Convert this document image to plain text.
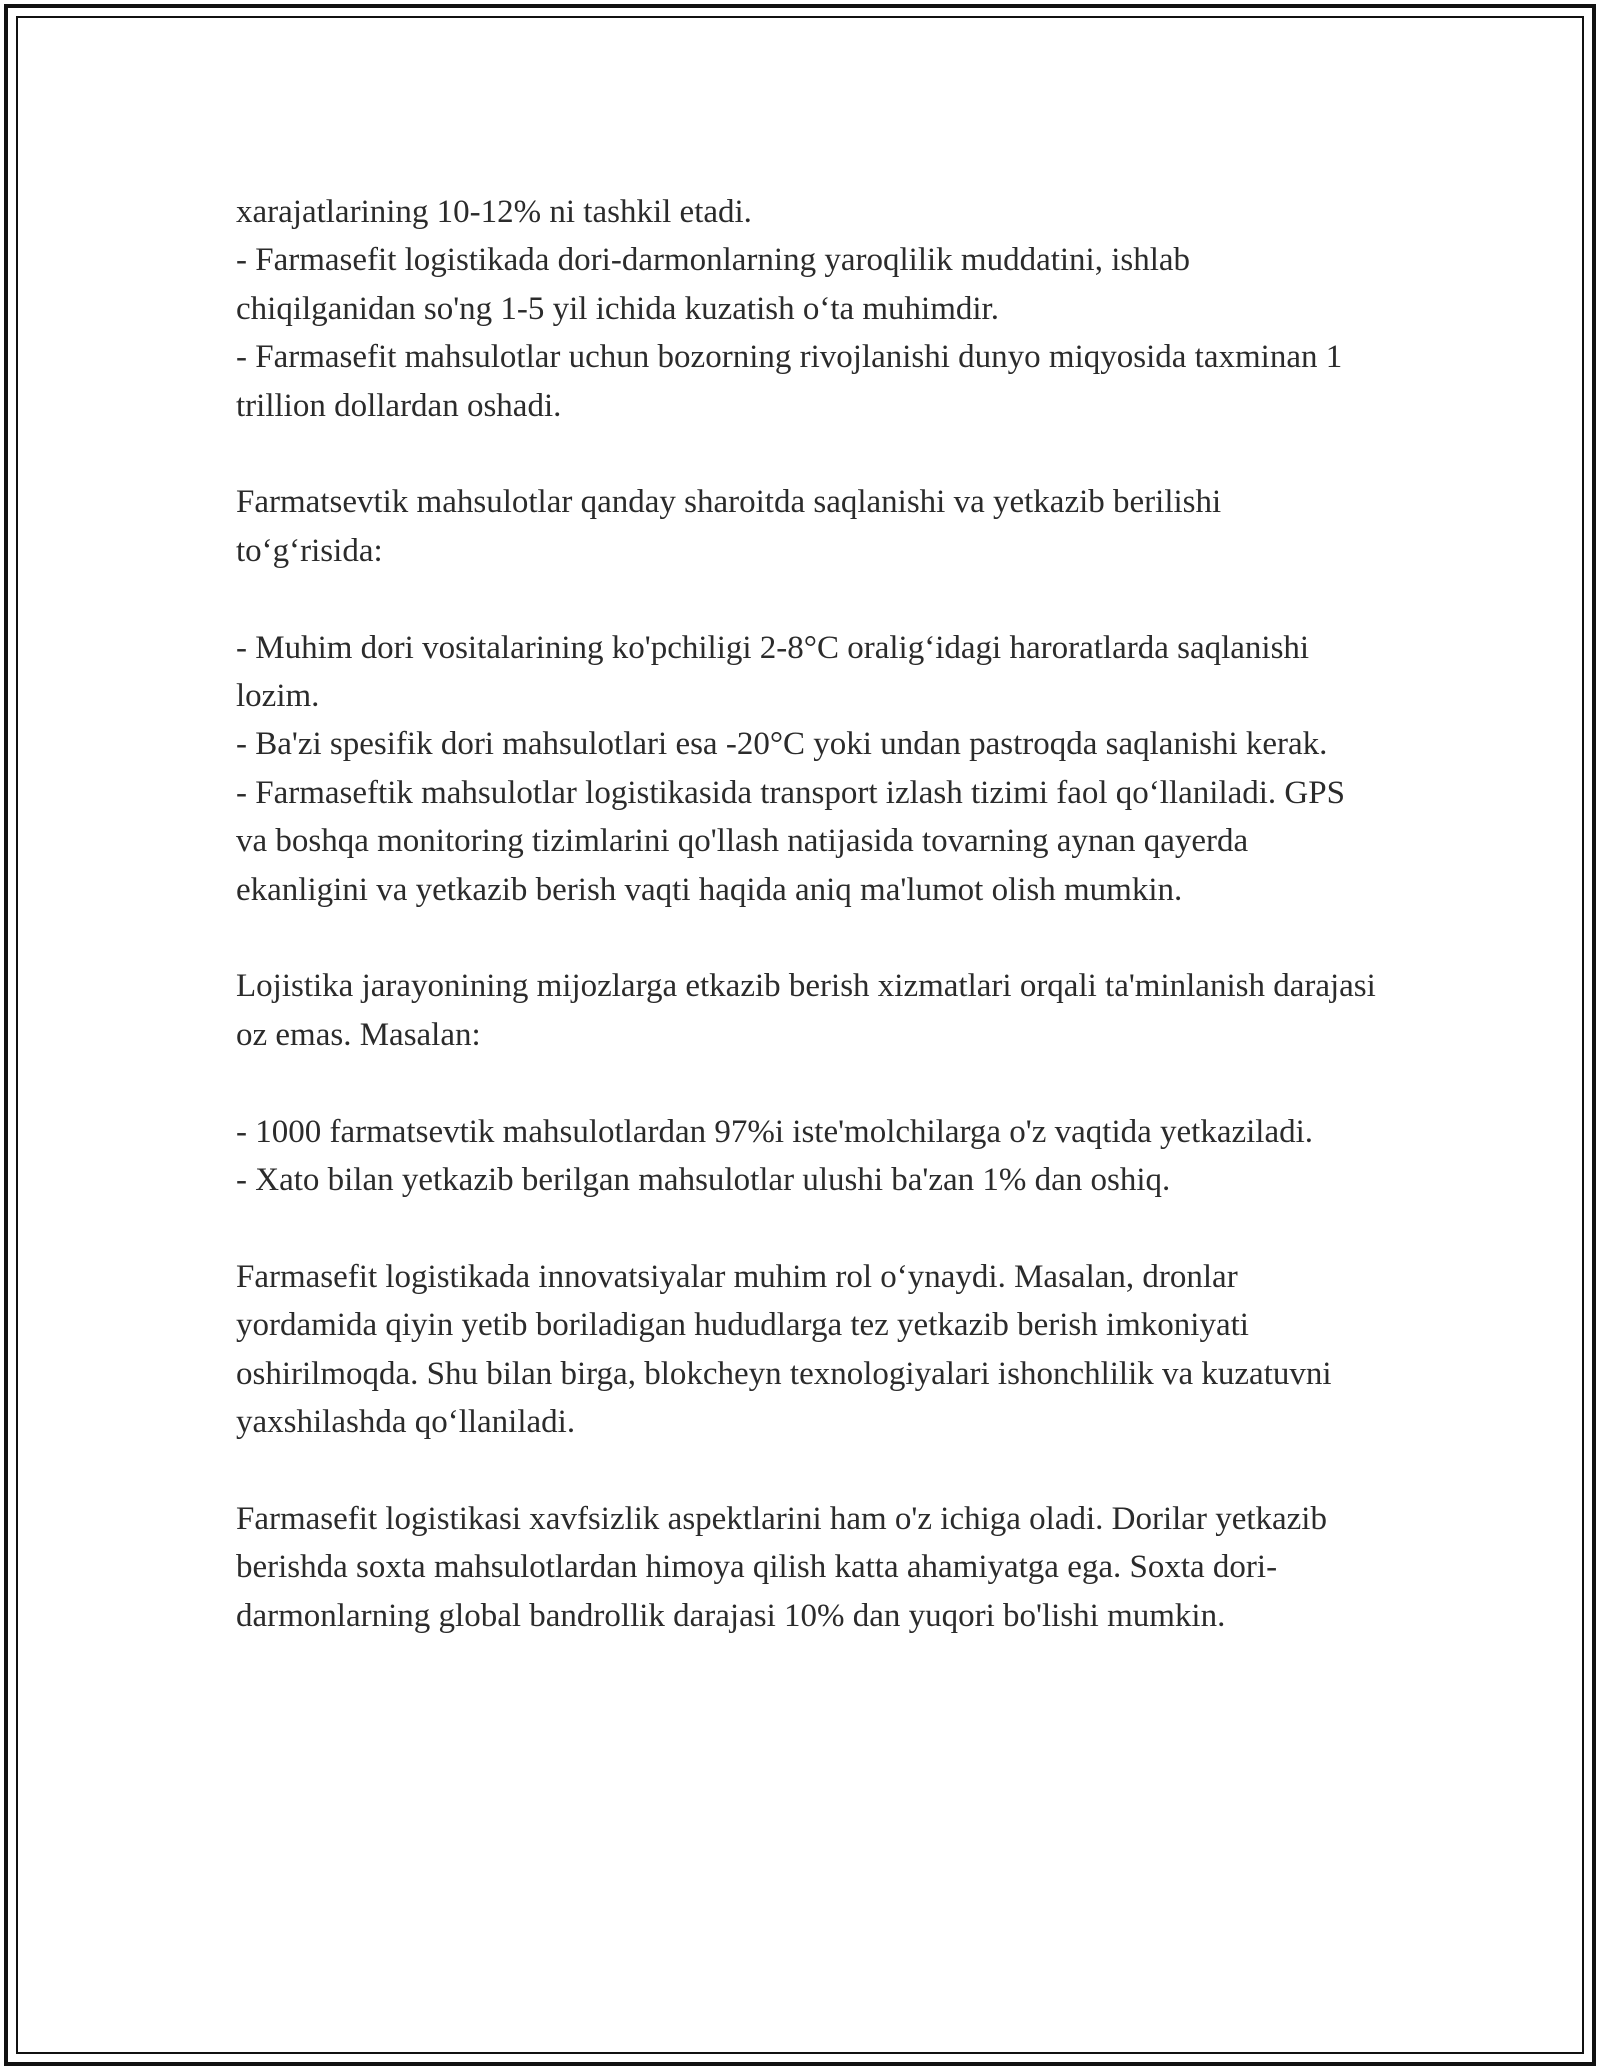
xarajatlarining 10-12% ni tashkil etadi.

- Farmasefit logistikada dori-darmonlarning yaroqlilik muddatini, ishlab chiqilganidan so'ng 1-5 yil ichida kuzatish o‘ta muhimdir.

- Farmasefit mahsulotlar uchun bozorning rivojlanishi dunyo miqyosida taxminan 1 trillion dollardan oshadi.

Farmatsevtik mahsulotlar qanday sharoitda saqlanishi va yetkazib berilishi to‘g‘risida:

- Muhim dori vositalarining ko'pchiligi 2-8°C oralig‘idagi haroratlarda saqlanishi lozim.

- Ba'zi spesifik dori mahsulotlari esa -20°C yoki undan pastroqda saqlanishi kerak.

- Farmaseftik mahsulotlar logistikasida transport izlash tizimi faol qo‘llaniladi. GPS va boshqa monitoring tizimlarini qo'llash natijasida tovarning aynan qayerda ekanligini va yetkazib berish vaqti haqida aniq ma'lumot olish mumkin.

Lojistika jarayonining mijozlarga etkazib berish xizmatlari orqali ta'minlanish darajasi oz emas. Masalan:

- 1000 farmatsevtik mahsulotlardan 97%i iste'molchilarga o'z vaqtida yetkaziladi.

- Xato bilan yetkazib berilgan mahsulotlar ulushi ba'zan 1% dan oshiq.

Farmasefit logistikada innovatsiyalar muhim rol o‘ynaydi. Masalan, dronlar yordamida qiyin yetib boriladigan hududlarga tez yetkazib berish imkoniyati oshirilmoqda. Shu bilan birga, blokcheyn texnologiyalari ishonchlilik va kuzatuvni yaxshilashda qo‘llaniladi.

Farmasefit logistikasi xavfsizlik aspektlarini ham o'z ichiga oladi. Dorilar yetkazib berishda soxta mahsulotlardan himoya qilish katta ahamiyatga ega. Soxta dori-darmonlarning global bandrollik darajasi 10% dan yuqori bo'lishi mumkin.
